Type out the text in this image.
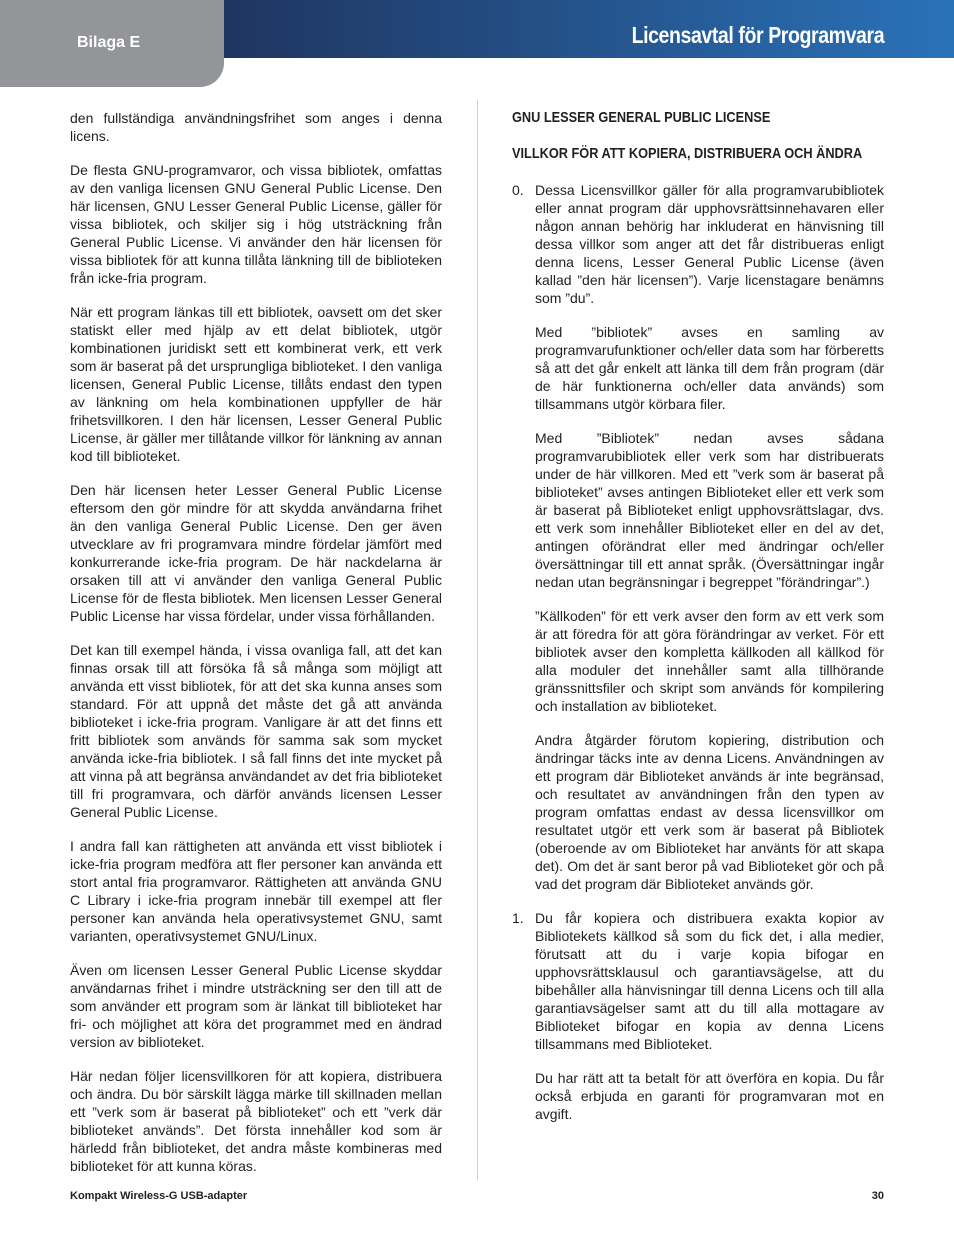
Bilaga E	Licensavtal för Programvara

den fullständiga användningsfrihet som anges i denna licens.

De flesta GNU-programvaror, och vissa bibliotek, omfattas av den vanliga licensen GNU General Public License. Den här licensen, GNU Lesser General Public License, gäller för vissa bibliotek, och skiljer sig i hög utsträckning från General Public License. Vi använder den här licensen för vissa bibliotek för att kunna tillåta länkning till de biblioteken från icke-fria program.

När ett program länkas till ett bibliotek, oavsett om det sker statiskt eller med hjälp av ett delat bibliotek, utgör kombinationen juridiskt sett ett kombinerat verk, ett verk som är baserat på det ursprungliga biblioteket. I den vanliga licensen, General Public License, tillåts endast den typen av länkning om hela kombinationen uppfyller de här frihetsvillkoren. I den här licensen, Lesser General Public License, är gäller mer tillåtande villkor för länkning av annan kod till biblioteket.

Den här licensen heter Lesser General Public License eftersom den gör mindre för att skydda användarna frihet än den vanliga General Public License. Den ger även utvecklare av fri programvara mindre fördelar jämfört med konkurrerande icke-fria program. De här nackdelarna är orsaken till att vi använder den vanliga General Public License för de flesta bibliotek. Men licensen Lesser General Public License har vissa fördelar, under vissa förhållanden.

Det kan till exempel hända, i vissa ovanliga fall, att det kan finnas orsak till att försöka få så många som möjligt att använda ett visst bibliotek, för att det ska kunna anses som standard. För att uppnå det måste det gå att använda biblioteket i icke-fria program. Vanligare är att det finns ett fritt bibliotek som används för samma sak som mycket använda icke-fria bibliotek. I så fall finns det inte mycket på att vinna på att begränsa användandet av det fria biblioteket till fri programvara, och därför används licensen Lesser General Public License.

I andra fall kan rättigheten att använda ett visst bibliotek i icke-fria program medföra att fler personer kan använda ett stort antal fria programvaror. Rättigheten att använda GNU C Library i icke-fria program innebär till exempel att fler personer kan använda hela operativsystemet GNU, samt varianten, operativsystemet GNU/Linux.

Även om licensen Lesser General Public License skyddar användarnas frihet i mindre utsträckning ser den till att de som använder ett program som är länkat till biblioteket har fri- och möjlighet att köra det programmet med en ändrad version av biblioteket.

Här nedan följer licensvillkoren för att kopiera, distribuera och ändra. Du bör särskilt lägga märke till skillnaden mellan ett ”verk som är baserat på biblioteket” och ett ”verk där biblioteket används”. Det första innehåller kod som är härledd från biblioteket, det andra måste kombineras med biblioteket för att kunna köras.

GNU LESSER GENERAL PUBLIC LICENSE
VILLKOR FÖR ATT KOPIERA, DISTRIBUERA OCH ÄNDRA
0. Dessa Licensvillkor gäller för alla programvarubibliotek eller annat program där upphovsrättsinnehavaren eller någon annan behörig har inkluderat en hänvisning till dessa villkor som anger att det får distribueras enligt denna licens, Lesser General Public License (även kallad ”den här licensen”). Varje licenstagare benämns som ”du”.

Med ”bibliotek” avses en samling av programvarufunktioner och/eller data som har förberetts så att det går enkelt att länka till dem från program (där de här funktionerna och/eller data används) som tillsammans utgör körbara filer.

Med ”Bibliotek” nedan avses sådana programvarubibliotek eller verk som har distribuerats under de här villkoren. Med ett ”verk som är baserat på biblioteket” avses antingen Biblioteket eller ett verk som är baserat på Biblioteket enligt upphovsrättslagar, dvs. ett verk som innehåller Biblioteket eller en del av det, antingen oförändrat eller med ändringar och/eller översättningar till ett annat språk. (Översättningar ingår nedan utan begränsningar i begreppet ”förändringar”.)

”Källkoden” för ett verk avser den form av ett verk som är att föredra för att göra förändringar av verket. För ett bibliotek avser den kompletta källkoden all källkod för alla moduler det innehåller samt alla tillhörande gränssnittsfiler och skript som används för kompilering och installation av biblioteket.

Andra åtgärder förutom kopiering, distribution och ändringar täcks inte av denna Licens. Användningen av ett program där Biblioteket används är inte begränsad, och resultatet av användningen från den typen av program omfattas endast av dessa licensvillkor om resultatet utgör ett verk som är baserat på Bibliotek (oberoende av om Biblioteket har använts för att skapa det). Om det är sant beror på vad Biblioteket gör och på vad det program där Biblioteket används gör.

1. Du får kopiera och distribuera exakta kopior av Bibliotekets källkod så som du fick det, i alla medier, förutsatt att du i varje kopia bifogar en upphovsrättsklausul och garantiavsägelse, att du bibehåller alla hänvisningar till denna Licens och till alla garantiavsägelser samt att du till alla mottagare av Biblioteket bifogar en kopia av denna Licens tillsammans med Biblioteket.

Du har rätt att ta betalt för att överföra en kopia. Du får också erbjuda en garanti för programvaran mot en avgift.

Kompakt Wireless-G USB-adapter	30
